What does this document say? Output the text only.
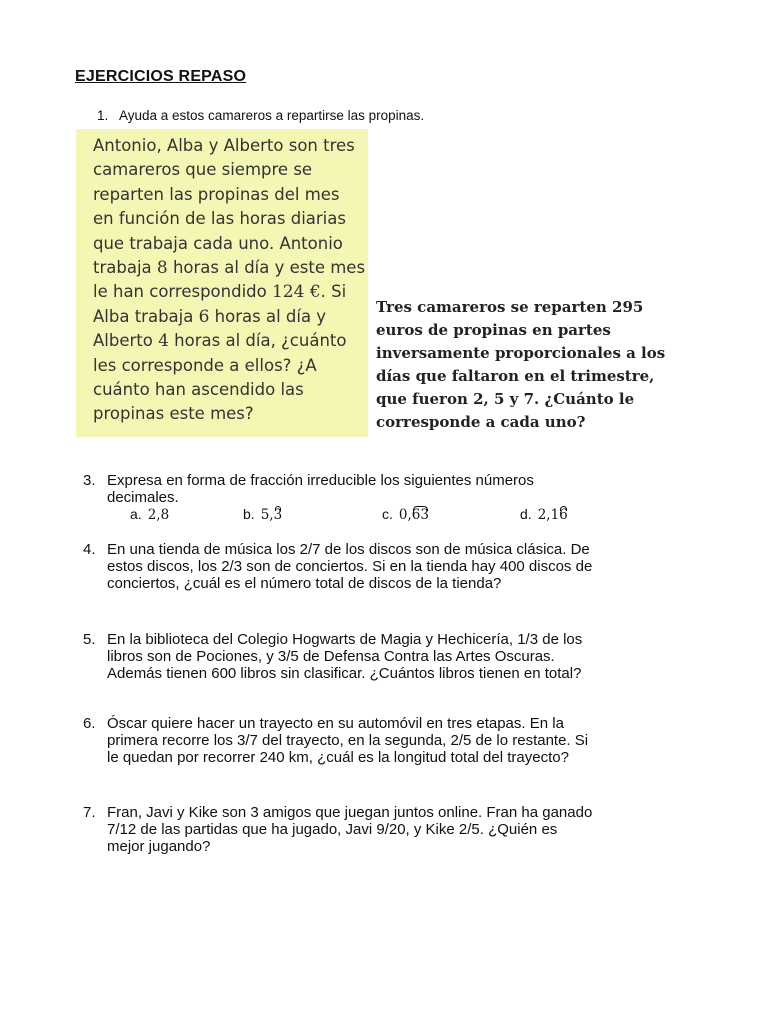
EJERCICIOS REPASO
1. Ayuda a estos camareros a repartirse las propinas.
Antonio, Alba y Alberto son tres
camareros que siempre se
reparten las propinas del mes
en función de las horas diarias
que trabaja cada uno. Antonio
trabaja 8 horas al día y este mes
le han correspondido 124 €. Si
Alba trabaja 6 horas al día y
Alberto 4 horas al día, ¿cuánto
les corresponde a ellos? ¿A
cuánto han ascendido las
propinas este mes?
Tres camareros se reparten 295
euros de propinas en partes
inversamente proporcionales a los
días que faltaron en el trimestre,
que fueron 2, 5 y 7. ¿Cuánto le
corresponde a cada uno?
3. Expresa en forma de fracción irreducible los siguientes números
decimales.
a. 2,8	b. 5,3	c. 0,63	d. 2,16
4. En una tienda de música los 2/7 de los discos son de música clásica. De
estos discos, los 2/3 son de conciertos. Si en la tienda hay 400 discos de
conciertos, ¿cuál es el número total de discos de la tienda?
5. En la biblioteca del Colegio Hogwarts de Magia y Hechicería, 1/3 de los
libros son de Pociones, y 3/5 de Defensa Contra las Artes Oscuras.
Además tienen 600 libros sin clasificar. ¿Cuántos libros tienen en total?
6. Óscar quiere hacer un trayecto en su automóvil en tres etapas. En la
primera recorre los 3/7 del trayecto, en la segunda, 2/5 de lo restante. Si
le quedan por recorrer 240 km, ¿cuál es la longitud total del trayecto?
7. Fran, Javi y Kike son 3 amigos que juegan juntos online. Fran ha ganado
7/12 de las partidas que ha jugado, Javi 9/20, y Kike 2/5. ¿Quién es
mejor jugando?
